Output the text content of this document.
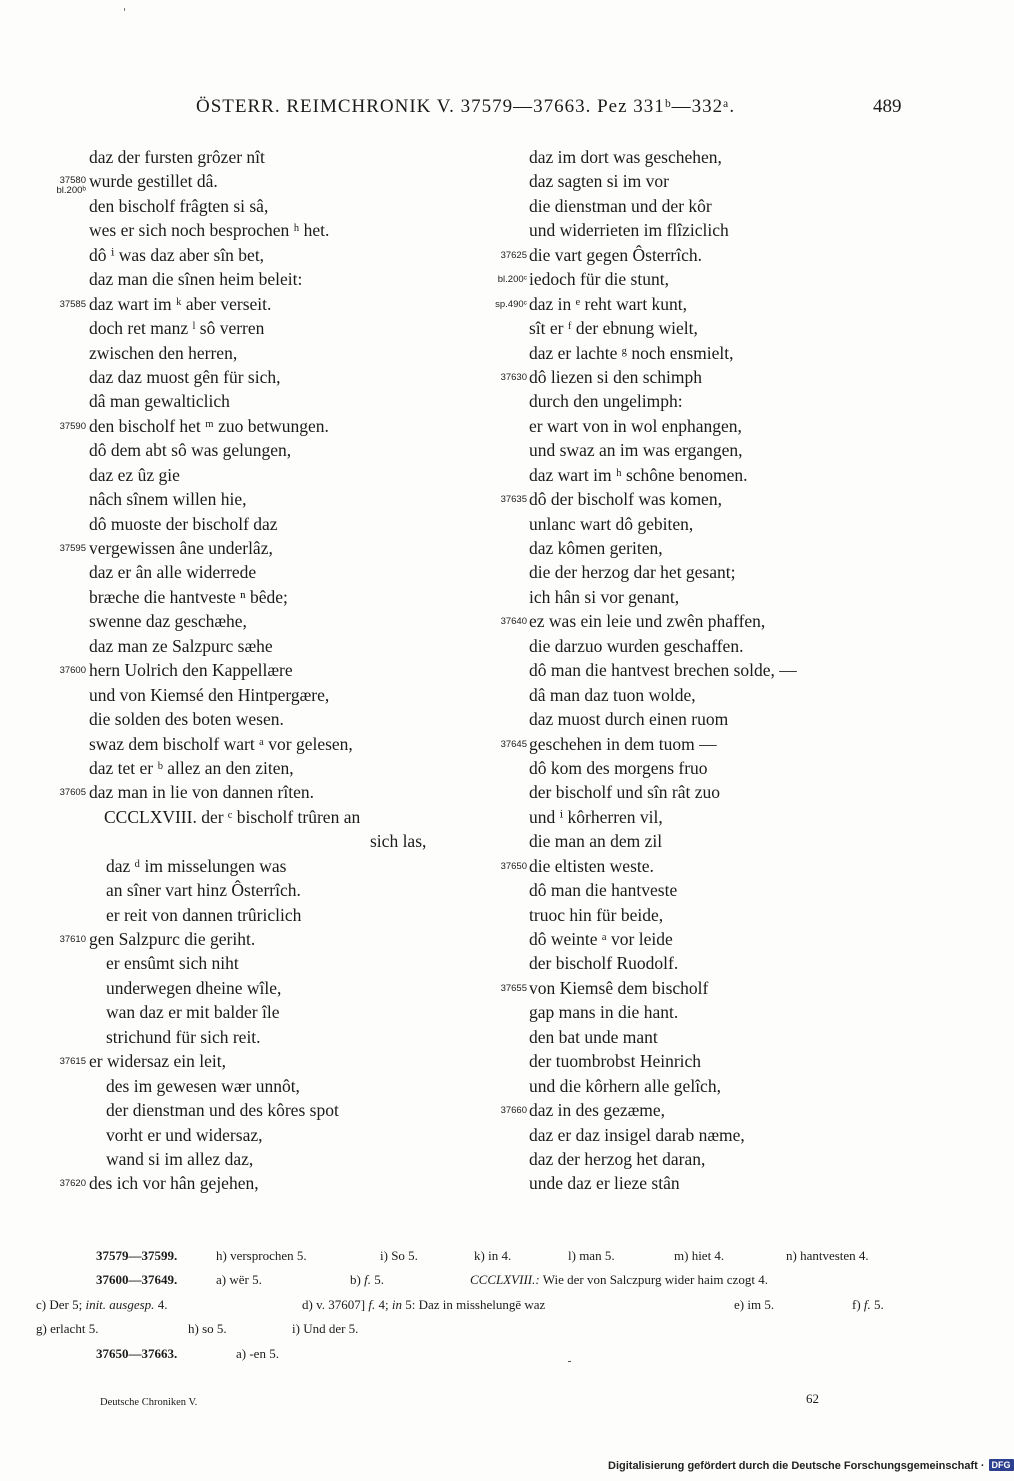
ÖSTERR. REIMCHRONIK V. 37579—37663. Pez 331ᵇ—332ᵃ.	489
daz der fursten grôzer nît
37580
bl.200ᵇ wurde gestillet dâ.
den bischolf frâgten si sâ,
wes er sich noch besprochen ʰ het.
dô ⁱ was daz aber sîn bet,
daz man die sînen heim beleit:
37585 daz wart im ᵏ aber verseit.
doch ret manz ˡ sô verren
zwischen den herren,
daz daz muost gên für sich,
dâ man gewalticlich
37590 den bischolf het ᵐ zuo betwungen.
dô dem abt sô was gelungen,
daz ez ûz gie
nâch sînem willen hie,
dô muoste der bischolf daz
37595 vergewissen âne underlâz,
daz er ân alle widerrede
bræche die hantveste ⁿ bêde;
swenne daz geschæhe,
daz man ze Salzpurc sæhe
37600 hern Uolrich den Kappellære
und von Kiemsé den Hintpergære,
die solden des boten wesen.
swaz dem bischolf wart ᵃ vor gelesen,
daz tet er ᵇ allez an den ziten,
37605 daz man in lie von dannen rîten.
CCCLXVIII. der ᶜ bischolf trûren an
sich las,
daz ᵈ im misselungen was
an sîner vart hinz Ôsterrîch.
er reit von dannen trûriclich
37610 gen Salzpurc die geriht.
er ensûmt sich niht
underwegen dheine wîle,
wan daz er mit balder île
strichund für sich reit.
37615 er widersaz ein leit,
des im gewesen wær unnôt,
der dienstman und des kôres spot
vorht er und widersaz,
wand si im allez daz,
37620 des ich vor hân gejehen,
daz im dort was geschehen,
daz sagten si im vor
die dienstman und der kôr
und widerrieten im flîziclich
37625 die vart gegen Ôsterrîch.
bl.200ᶜ iedoch für die stunt,
sp.490ᶜ daz in ᵉ reht wart kunt,
sît er ᶠ der ebnung wielt,
daz er lachte ᵍ noch ensmielt,
37630 dô liezen si den schimph
durch den ungelimph:
er wart von in wol enphangen,
und swaz an im was ergangen,
daz wart im ʰ schône benomen.
37635 dô der bischolf was komen,
unlanc wart dô gebiten,
daz kômen geriten,
die der herzog dar het gesant;
ich hân si vor genant,
37640 ez was ein leie und zwên phaffen,
die darzuo wurden geschaffen.
dô man die hantvest brechen solde, —
dâ man daz tuon wolde,
daz muost durch einen ruom
37645 geschehen in dem tuom —
dô kom des morgens fruo
der bischolf und sîn rât zuo
und ⁱ kôrherren vil,
die man an dem zil
37650 die eltisten weste.
dô man die hantveste
truoc hin für beide,
dô weinte ᵃ vor leide
der bischolf Ruodolf.
37655 von Kiemsê dem bischolf
gap mans in die hant.
den bat unde mant
der tuombrobst Heinrich
und die kôrhern alle gelîch,
37660 daz in des gezæme,
daz er daz insigel darab næme,
daz der herzog het daran,
unde daz er lieze stân
37579—37599.	h) versprochen 5.	i) So 5.	k) in 4.	l) man 5.	m) hiet 4.	n) hantvesten 4.
37600—37649.	a) wër 5.	b) f. 5.	CCCLXVIII.: Wie der von Salczpurg wider haim czogt 4.
c) Der 5; init. ausgesp. 4.	d) v. 37607] f. 4; in 5: Daz in misshelungē waz	e) im 5.	f) f. 5.
g) erlacht 5.	h) so 5.	i) Und der 5.
37650—37663.	a) -en 5.
Deutsche Chroniken V.	62
Digitalisierung gefördert durch die Deutsche Forschungsgemeinschaft · DFG
